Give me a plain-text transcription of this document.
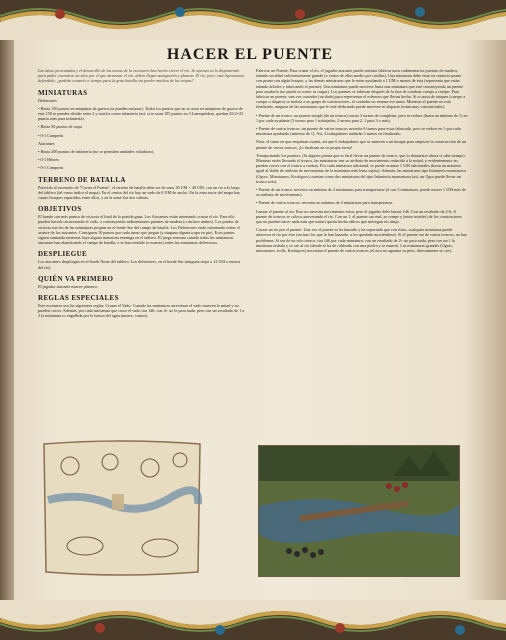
HACER EL PUENTE

Las ideas presentadas y el desarrollo de las tareas de la escenario han hecho crecer el río. Se apresta su lo disponiendo para poder encontrar un sitio por el que atravesar el río: deben llegar navegación y planear. El río, pero, está ligeramente defendido; ¿podrán cruzarlo a tiempo para la gran batalla sin perder muchos de las tropas?

MINIATURAS

Defensores

• Hasta 150 puntos en máquinas de guerra (se pueden mejorar). Todos los puntos que no se usen en máquinas de guerra de este 150 se pueden dividir entre 2 y usarlos como infantería (así, si se usan 105 puntos en 3 Lanzapiedras, quedan 45/2=23 puntos más para infantería).

• Hasta 50 puntos de tropa

• 0-1 Campeón

Atacantes

• Hasta 200 puntos de infantería (no se permiten unidades voladoras).

• 0-1 Héroes

• 0-1 Campeón

TERRENO DE BATALLA

Parecido al escenario de "Cortar el Puente", el terreno de batalla debe ser de unos 30 UM × 40 UM, con un río a lo largo del tablero (tal como indica el mapa). En el centro del río hay un vado de 6 UM de ancho. En la zona norte del mapa hay cuatro bosques repartidos entre ellos, y en la zona Sur dos colinas.

OBJETIVOS

El bando con más puntos de victoria al final de la partida gana. Los Atacantes están intentando cruzar el río. Para ello pueden hacerlo atravesando el vado, o construyendo rudimentarios puentes de madera (o incluso ambos). Los puntos de victoria son los de las miniaturas propias en el borde Sur del campo de batalla. Los Defensores están intentando evitar el avance de los atacantes. Consiguen 10 puntos por cada turno que juegan (y ninguna alguna tropa en pie). Esos puntos siguen sumando mientras haya alguna miniatura enemiga en el tablero. El juego termina cuando todas las miniaturas atacantes han abandonado el campo de batalla, o se han rendido (o muerto) todas las miniaturas defensoras.

DESPLIEGUE

Los atacantes despliegan en el borde Norte del tablero. Los defensores, en el borde Sur (ninguna tropa a 12 UM o menos del río).

QUIÉN VA PRIMERO

El jugador atacante mueve primero.

REGLAS ESPECIALES

Este escenario usa las siguientes reglas: Cruzar el Vado: Cuando las miniaturas atraviesan el vado mueven la mitad y no pueden correr. Además, por cada miniatura que cruce el vado tira 1d6, con 4+ no le pasa nada, pero con un resultado de 1 a 3 la miniatura es engullida por la fuerza del agua (muere, vamos).

Fabricar un Puente: Para cruzar el río, el jugador atacante puede intentar fabricar unos rudimentarios puentes de madera, talando un árbol suficientemente grande (o varios de ellos medio por casillas). Una miniatura debe estar en contacto peana con peana con algún bosque, y las demás miniaturas que le estén ayudando a 1 UM o menos de ésta (representa que están talando árboles y fabricando el puente). Una miniatura puede moverse hasta una miniatura que esté construyendo un puente para ayudarla (no puede ni correr ni cargar). Los puentes se fabrican después de la fase de combate cuerpo a cuerpo. Para fabricar un puente, una vez contador (un dado) para representar el esfuerzo que llevan hecho. Si a causa de ataques (cuerpo a cuerpo o disparo) se moleta a un grupo de constructores, el contador no avanza ese turno. Mientras el puente no está finalizado, ninguna de las miniaturas que le esté dedicando puede moverse ni disparar (están muy concentrados).

• Puente de un tronco: un puente simple (de un tronco) cuesta 3 turnos de completar, pero se reduce (hasta un mínimo de 1) en 1 por cada ayudante (3 turnos para 1 trabajador, 2 turnos para 2, 1 para 3 o más).

• Puente de varios troncos: un puente de varios troncos necesita 6 turnos para estar fabricado, pero se reduce en 1 por cada miniatura ayudando (mínimo de 1). Así, 4 trabajadores tardarán 3 turnos en finalizarlo.

Nota: el turno en que empiezan cuenta, así que 6 trabajadores que se mueven a un bosque para empezar la construcción de un puente de varios troncos, ¡lo finalizan en su propio turno!

Transportando los puentes: (Si alguien piensa que es fácil llevar un puente de tronco, que lo demuestre ahora si sabe tiempo). Mientras estén llevando el tronco, las miniaturas van su atributo de movimiento reducido a la mitad, y evidentemente no pueden correr con el tronco a cuestas. Por cada miniatura adicional, se puede avanzar 1 UM adicionales (hasta un máximo igual al doble de atributo de movimiento de la miniatura más lenta sujeta). Además, las miniaturas tipo Infantería monstruosa (Ogros, Minotauros, Krokigors) cuentan como dos miniaturas del tipo Infantería monstruosa (así, un Ogro puede llevar un tronco solo).

• Puente de un tronco: necesita un mínimo de 2 miniaturas para transportarse (ó con 3 miniaturas, puede mover 1 UM más de su atributo de movimiento).

• Puente de varios troncos: necesita un mínimo de 4 miniaturas para transportarse.

Lanzar el puente al río: Esto no necesita movimiento extra, pero el jugador debe lanzar 1d6. Con un resultado de 2-6, el puente de troncos se coloca atravesando el río. Con un 1, el puente cae mal, se rompe y (entre ustedes) de los constructores que no pueden hacer nada más que mirar) queda hecho añicos que nievegan río abajo.

Cruzar un río por el puente: Una vez el puente se ha lanzado y ha soportado que con éxito, cualquier miniatura puede atravesar el río por éste (incluso los que lo han lanzado, a los quedado moviéndose). Si el puente era de varios troncos, no hay problemas. Si era de un solo tronco, tira 1d6 por cada miniatura; con un resultado de 2+ no pasa nada, pero con un 1 la miniatura resbala y se cae al río (donde se ha de caldeada con una piedra y se muere). Las miniaturas grandes (Ogros, minotauros, trolls, Krokigors) necesitan el puente de varios troncos (el otro no aguanta su peso, directamente se cae).
